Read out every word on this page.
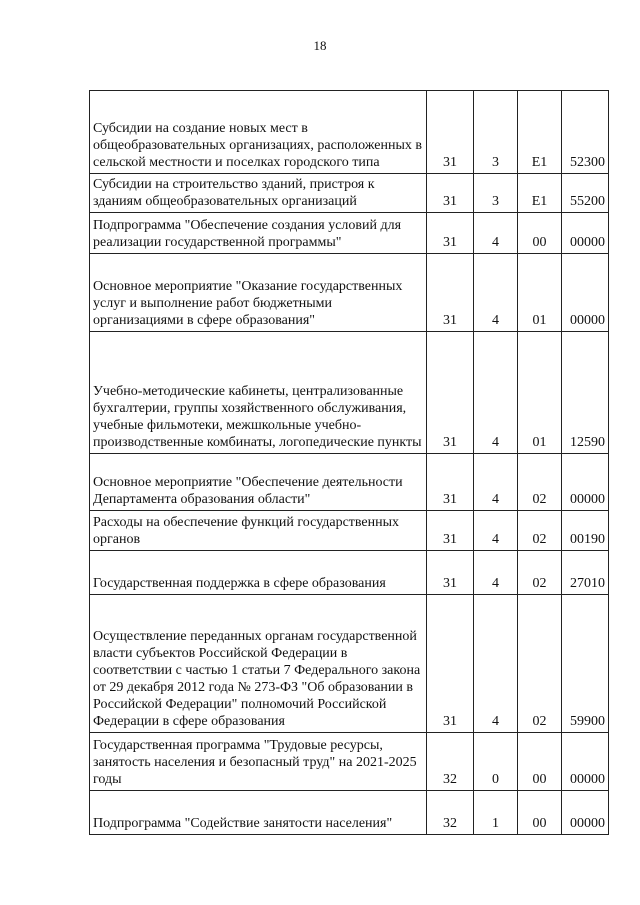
18
Субсидии на создание новых мест в общеобразовательных организациях, расположенных в сельской местности и поселках городского типа	31	3	Е1	52300
Субсидии на строительство зданий, пристроя к зданиям общеобразовательных организаций	31	3	Е1	55200
Подпрограмма "Обеспечение создания условий для реализации государственной программы"	31	4	00	00000
Основное мероприятие "Оказание государственных услуг и выполнение работ бюджетными организациями в сфере образования"	31	4	01	00000
Учебно-методические кабинеты, централизованные бухгалтерии, группы хозяйственного обслуживания, учебные фильмотеки, межшкольные учебно-производственные комбинаты, логопедические пункты	31	4	01	12590
Основное мероприятие "Обеспечение деятельности Департамента образования области"	31	4	02	00000
Расходы на обеспечение функций государственных органов	31	4	02	00190
Государственная поддержка в сфере образования	31	4	02	27010
Осуществление переданных органам государственной власти субъектов Российской Федерации в соответствии с частью 1 статьи 7 Федерального закона от 29 декабря 2012 года № 273-ФЗ "Об образовании в Российской Федерации" полномочий Российской Федерации в сфере образования	31	4	02	59900
Государственная программа "Трудовые ресурсы, занятость населения и безопасный труд" на 2021-2025 годы	32	0	00	00000
Подпрограмма "Содействие занятости населения"	32	1	00	00000
